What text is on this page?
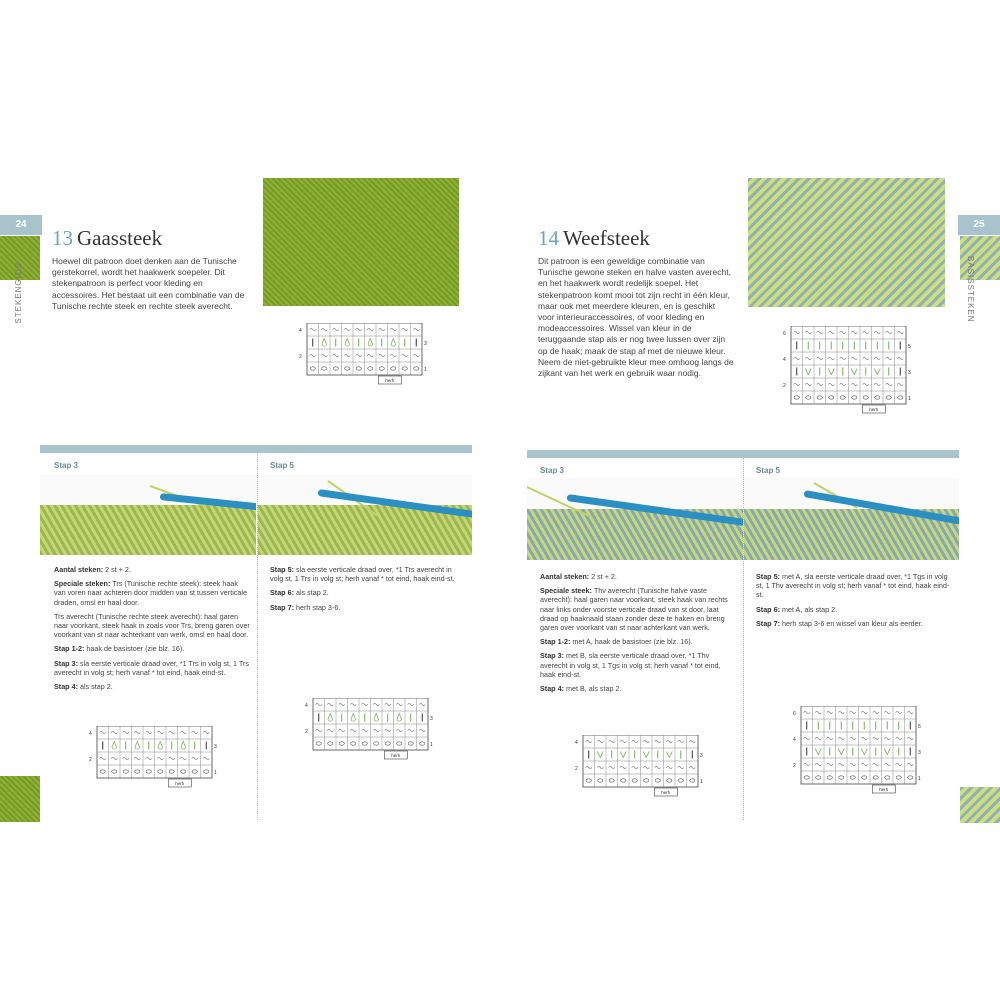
24
STEKENGIDS
13 Gaassteek
Hoewel dit patroon doet denken aan de Tunische gerstekorrel, wordt het haakwerk soepeler. Dit stekenpatroon is perfect voor kleding en accessoires. Het bestaat uit een combinatie van de Tunische rechte steek en rechte steek averecht.
4
3
2
1
herh
Stap 3	Stap 5

Aantal steken: 2 st + 2.

Speciale steken: Trs (Tunische rechte steek): steek haak van voren naar achteren door midden van st tussen verticale draden, omsl en haal door.

Trs averecht (Tunische rechte steek averecht): haal garen naar voorkant, steek haak in zoals voor Trs, breng garen over voorkant van st naar achterkant van werk, omsl en haal door.

Stap 1-2: haak de basistoer (zie blz. 16).

Stap 3: sla eerste verticale draad over, *1 Trs in volg st, 1 Trs averecht in volg st; herh vanaf * tot eind, haak eind-st.

Stap 4: als stap 2.

Stap 5: sla eerste verticale draad over, *1 Trs averecht in volg st, 1 Trs in volg st; herh vanaf * tot eind, haak eind-st.

Stap 6: als stap 2.

Stap 7: herh stap 3-6.

4
3
2
1
herh
4
3
2
1
herh
25
BASISSTEKEN
14 Weefsteek
Dit patroon is een geweldige combinatie van Tunische gewone steken en halve vasten averecht, en het haakwerk wordt redelijk soepel. Het stekenpatroon komt mooi tot zijn recht in één kleur, maar ook met meerdere kleuren, en is geschikt voor interieuraccessoires, of voor kleding en modeaccessoires. Wissel van kleur in de teruggaande stap als er nog twee lussen over zijn op de haak; maak de stap af met de nieuwe kleur. Neem de niet-gebruikte kleur mee omhoog langs de zijkant van het werk en gebruik waar nodig.
6
5
4
3
2
1
herh
Stap 3	Stap 5

Aantal steken: 2 st + 2.

Speciale steek: Thv averecht (Tunische halve vaste averecht): haal garen naar voorkant, steek haak van rechts naar links onder voorste verticale draad van st door, laat draad op haaknaald staan zonder deze te haken en breng garen over voorkant van st naar achterkant van werk.

Stap 1-2: met A, haak de basistoer (zie blz. 16).

Stap 3: met B, sla eerste verticale draad over, *1 Thv averecht in volg st, 1 Tgs in volg st; herh vanaf * tot eind, haak eind-st.

Stap 4: met B, als stap 2.

Stap 5: met A, sla eerste verticale draad over, *1 Tgs in volg st, 1 Thv averecht in volg st; herh vanaf * tot eind, haak eind-st.

Stap 6: met A, als stap 2.

Stap 7: herh stap 3-6 en wissel van kleur als eerder.

4
3
2
1
herh
6
5
4
3
2
1
herh
